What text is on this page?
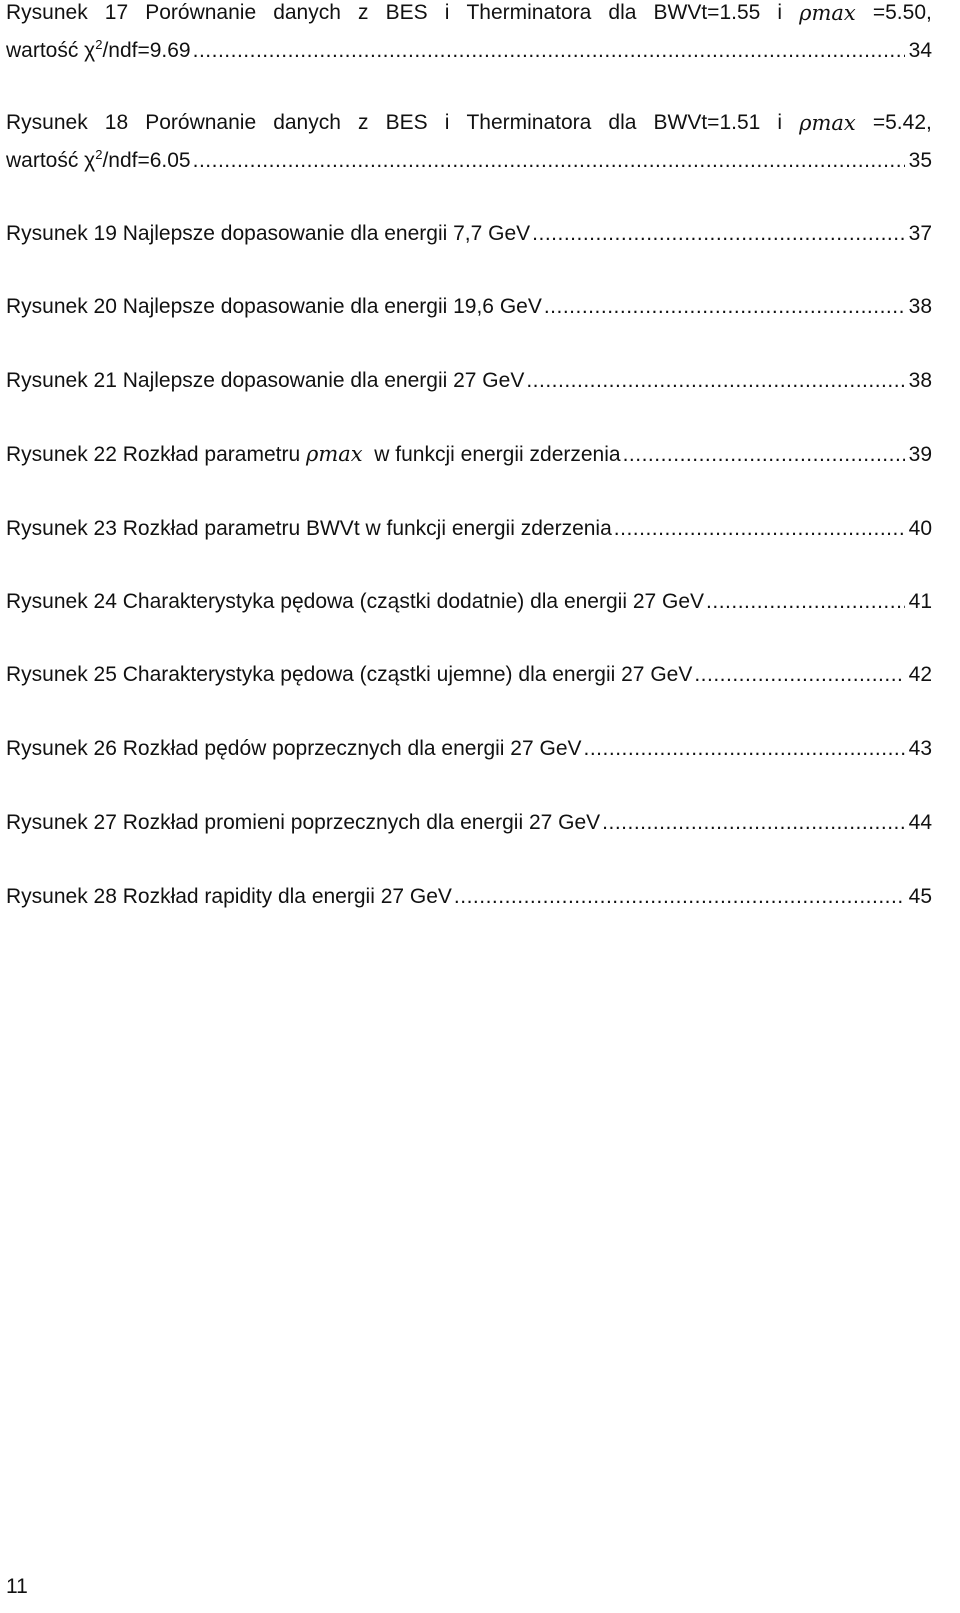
Rysunek 17 Porównanie danych z BES i Therminatora dla BWVt=1.55 i ρmax =5.50,
wartość $\chi^2/ndf=9.69$ .....	34
Rysunek 18 Porównanie danych z BES i Therminatora dla BWVt=1.51 i ρmax =5.42,
wartość $\chi^2/ndf=6.05$ .....	35
Rysunek 19 Najlepsze dopasowanie dla energii 7,7 GeV .....	37
Rysunek 20 Najlepsze dopasowanie dla energii 19,6 GeV .....	38
Rysunek 21 Najlepsze dopasowanie dla energii 27 GeV .....	38
Rysunek 22 Rozkład parametru ρmax  w funkcji energii zderzenia .....	39
Rysunek 23 Rozkład parametru BWVt w funkcji energii zderzenia .....	40
Rysunek 24 Charakterystyka pędowa (cząstki dodatnie) dla energii 27 GeV .....	41
Rysunek 25 Charakterystyka pędowa (cząstki ujemne) dla energii 27 GeV .....	42
Rysunek 26 Rozkład pędów poprzecznych dla energii 27 GeV .....	43
Rysunek 27 Rozkład promieni poprzecznych dla energii 27 GeV .....	44
Rysunek 28 Rozkład rapidity dla energii 27 GeV .....	45
11
